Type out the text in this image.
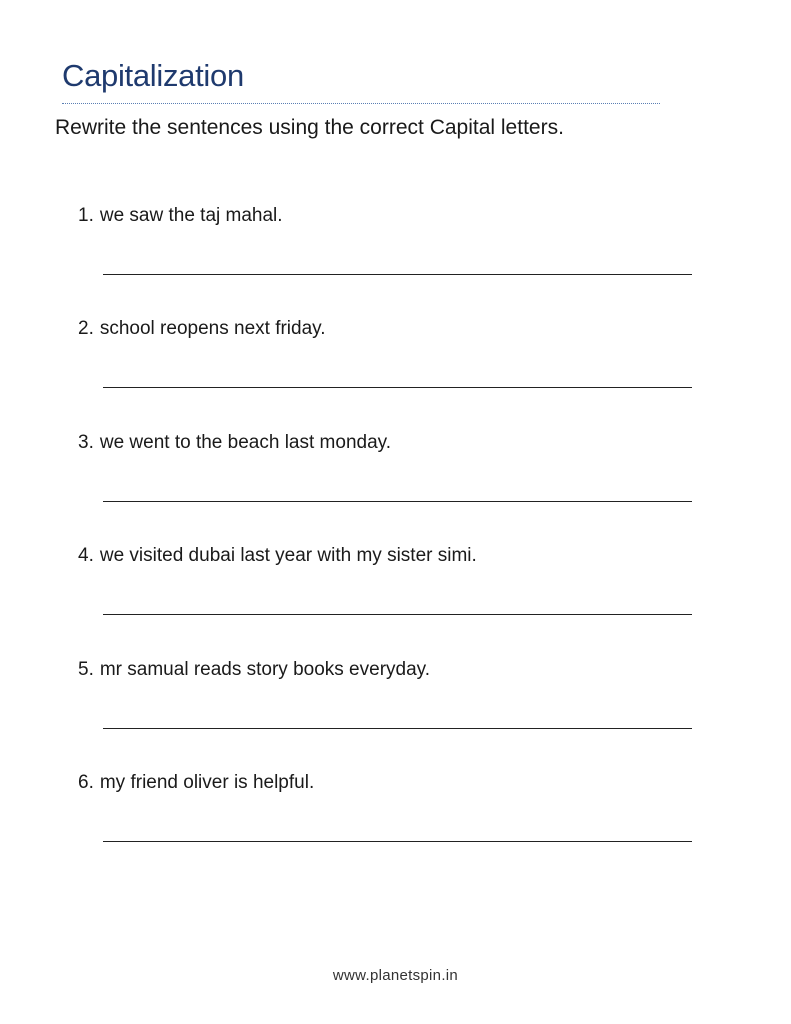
Capitalization

Rewrite the sentences using the correct Capital letters.

1. we saw the taj mahal.
2. school reopens next friday.
3. we went to the beach last monday.
4. we visited dubai last year with my sister simi.
5. mr samual reads story books everyday.
6. my friend oliver is helpful.
www.planetspin.in
